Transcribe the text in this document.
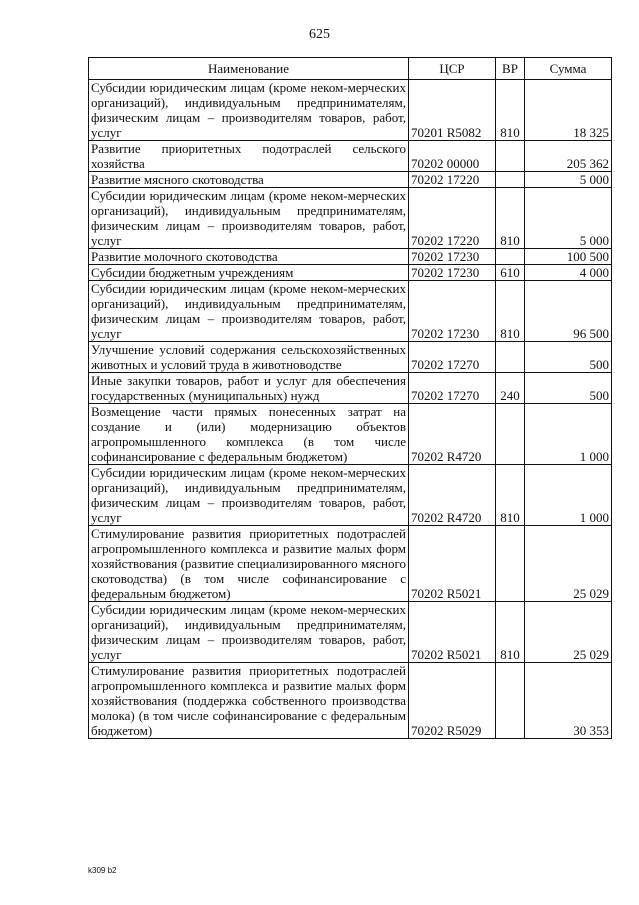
625
Наименование	ЦСР	ВР	Сумма
Субсидии юридическим лицам (кроме неком-мерческих организаций), индивидуальным предпринимателям, физическим лицам – производителям товаров, работ, услуг	70201 R5082	810	18 325
Развитие приоритетных подотраслей сельского хозяйства	70202 00000		205 362
Развитие мясного скотоводства	70202 17220		5 000
Субсидии юридическим лицам (кроме неком-мерческих организаций), индивидуальным предпринимателям, физическим лицам – производителям товаров, работ, услуг	70202 17220	810	5 000
Развитие молочного скотоводства	70202 17230		100 500
Субсидии бюджетным учреждениям	70202 17230	610	4 000
Субсидии юридическим лицам (кроме неком-мерческих организаций), индивидуальным предпринимателям, физическим лицам – производителям товаров, работ, услуг	70202 17230	810	96 500
Улучшение условий содержания сельскохозяйственных животных и условий труда в животноводстве	70202 17270		500
Иные закупки товаров, работ и услуг для обеспечения государственных (муниципальных) нужд	70202 17270	240	500
Возмещение части прямых понесенных затрат на создание и (или) модернизацию объектов агропромышленного комплекса (в том числе софинансирование с федеральным бюджетом)	70202 R4720		1 000
Субсидии юридическим лицам (кроме неком-мерческих организаций), индивидуальным предпринимателям, физическим лицам – производителям товаров, работ, услуг	70202 R4720	810	1 000
Стимулирование развития приоритетных подотраслей агропромышленного комплекса и развитие малых форм хозяйствования (развитие специализированного мясного скотоводства) (в том числе софинансирование с федеральным бюджетом)	70202 R5021		25 029
Субсидии юридическим лицам (кроме неком-мерческих организаций), индивидуальным предпринимателям, физическим лицам – производителям товаров, работ, услуг	70202 R5021	810	25 029
Стимулирование развития приоритетных подотраслей агропромышленного комплекса и развитие малых форм хозяйствования (поддержка собственного производства молока) (в том числе софинансирование с федеральным бюджетом)	70202 R5029		30 353
k309 b2
